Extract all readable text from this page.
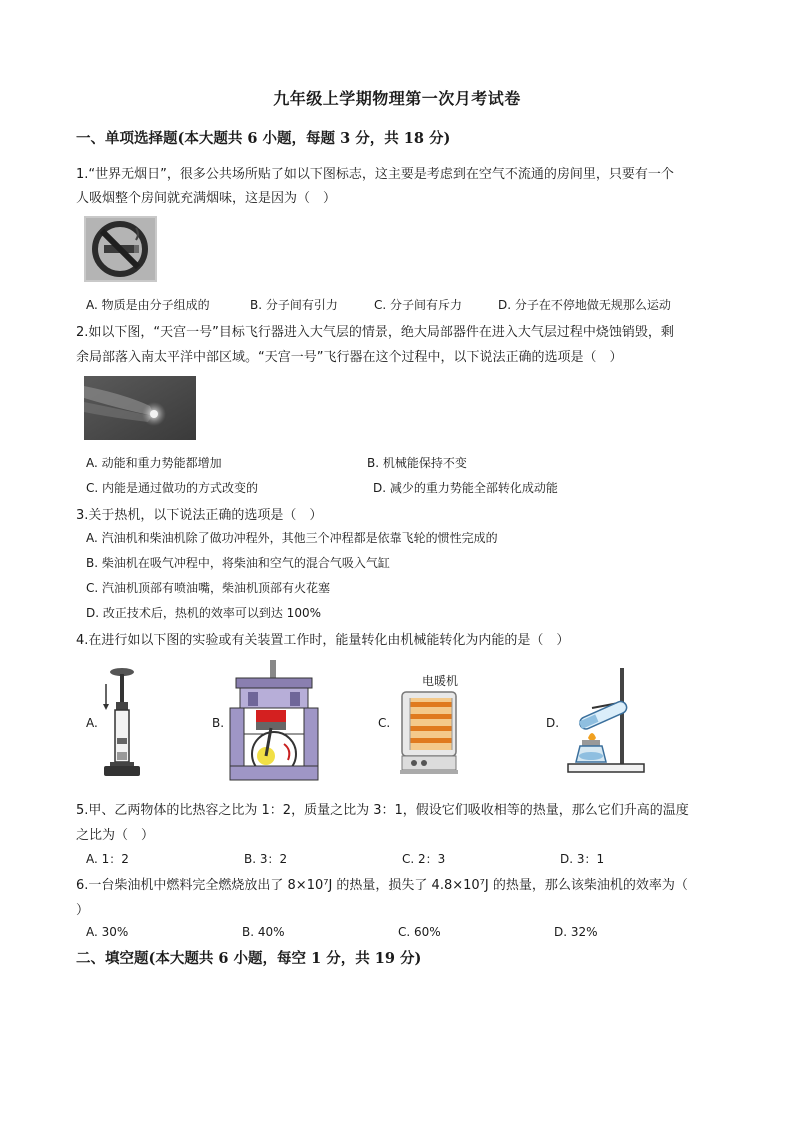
九年级上学期物理第一次月考试卷
一、单项选择题(本大题共 6 小题，每题 3 分，共 18 分)
1.“世界无烟日”，很多公共场所贴了如以下图标志，这主要是考虑到在空气不流通的房间里，只要有一个
人吸烟整个房间就充满烟味，这是因为（　）
A. 物质是由分子组成的	B. 分子间有引力	C. 分子间有斥力	D. 分子在不停地做无规那么运动
2.如以下图，“天宫一号”目标飞行器进入大气层的情景，绝大局部器件在进入大气层过程中烧蚀销毁，剩
余局部落入南太平洋中部区域。“天宫一号”飞行器在这个过程中，以下说法正确的选项是（　）
A. 动能和重力势能都增加	B. 机械能保持不变
C. 内能是通过做功的方式改变的	D. 减少的重力势能全部转化成动能
3.关于热机，以下说法正确的选项是（　）
A. 汽油机和柴油机除了做功冲程外，其他三个冲程都是依靠飞轮的惯性完成的
B. 柴油机在吸气冲程中，将柴油和空气的混合气吸入气缸
C. 汽油机顶部有喷油嘴，柴油机顶部有火花塞
D. 改正技术后，热机的效率可以到达 100%
4.在进行如以下图的实验或有关装置工作时，能量转化由机械能转化为内能的是（　）
A.	B.	C.
电暖机
D.
5.甲、乙两物体的比热容之比为 1：2，质量之比为 3：1，假设它们吸收相等的热量，那么它们升高的温度
之比为（　）
A. 1：2	B. 3：2	C. 2：3	D. 3：1
6.一台柴油机中燃料完全燃烧放出了 8×10⁷J 的热量，损失了 4.8×10⁷J 的热量，那么该柴油机的效率为（
）
A. 30%	B. 40%	C. 60%	D. 32%
二、填空题(本大题共 6 小题，每空 1 分，共 19 分)
